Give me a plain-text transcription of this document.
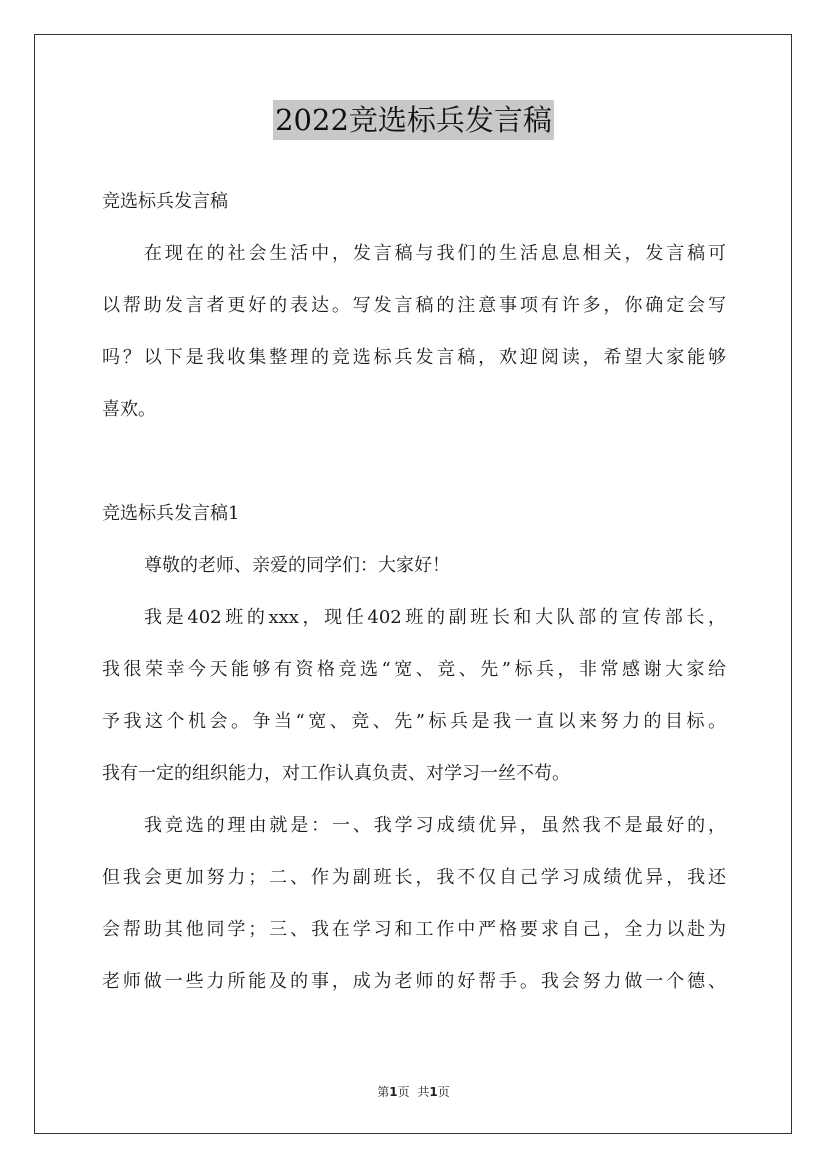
2022竞选标兵发言稿
竞选标兵发言稿
在现在的社会生活中，发言稿与我们的生活息息相关，发言稿可
以帮助发言者更好的表达。写发言稿的注意事项有许多，你确定会写
吗？以下是我收集整理的竞选标兵发言稿，欢迎阅读，希望大家能够
喜欢。
竞选标兵发言稿1
尊敬的老师、亲爱的同学们：大家好！
我是402班的xxx，现任402班的副班长和大队部的宣传部长，
我很荣幸今天能够有资格竞选“宽、竞、先”标兵，非常感谢大家给
予我这个机会。争当“宽、竞、先”标兵是我一直以来努力的目标。
我有一定的组织能力，对工作认真负责、对学习一丝不苟。
我竞选的理由就是：一、我学习成绩优异，虽然我不是最好的，
但我会更加努力；二、作为副班长，我不仅自己学习成绩优异，我还
会帮助其他同学；三、我在学习和工作中严格要求自己，全力以赴为
老师做一些力所能及的事，成为老师的好帮手。我会努力做一个德、
第1页 共1页
